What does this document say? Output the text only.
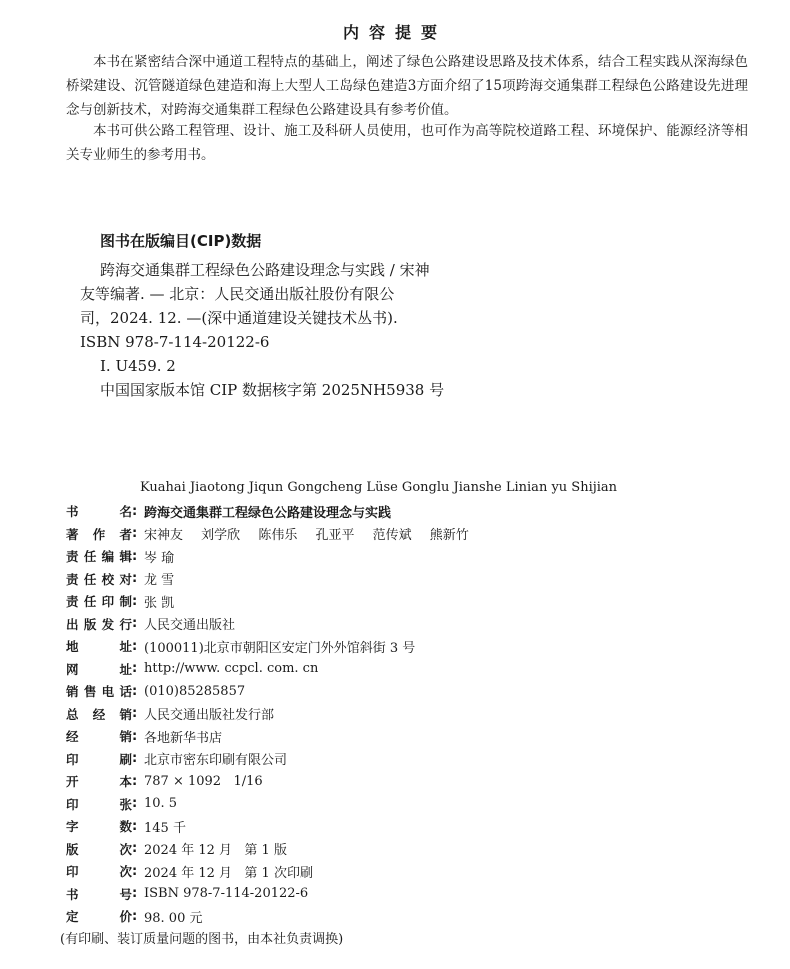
内容提要
本书在紧密结合深中通道工程特点的基础上，阐述了绿色公路建设思路及技术体系，结合工程实践从深海绿色桥梁建设、沉管隧道绿色建造和海上大型人工岛绿色建造3方面介绍了15项跨海交通集群工程绿色公路建设先进理念与创新技术，对跨海交通集群工程绿色公路建设具有参考价值。
本书可供公路工程管理、设计、施工及科研人员使用，也可作为高等院校道路工程、环境保护、能源经济等相关专业师生的参考用书。
图书在版编目(CIP)数据
跨海交通集群工程绿色公路建设理念与实践 / 宋神
友等编著. — 北京：人民交通出版社股份有限公
司，2024. 12. —(深中通道建设关键技术丛书).
ISBN 978-7-114-20122-6
Ⅰ. U459. 2
中国国家版本馆 CIP 数据核字第 2025NH5938 号
Kuahai Jiaotong Jiqun Gongcheng Lüse Gonglu Jianshe Linian yu Shijian
书名 : 跨海交通集群工程绿色公路建设理念与实践
著作者 : 宋神友 刘学欣 陈伟乐 孔亚平 范传斌 熊新竹
责任编辑 : 岑 瑜
责任校对 : 龙 雪
责任印制 : 张 凯
出版发行 : 人民交通出版社
地址 : (100011)北京市朝阳区安定门外外馆斜街 3 号
网址 : http://www. ccpcl. com. cn
销售电话 : (010)85285857
总经销 : 人民交通出版社发行部
经销 : 各地新华书店
印刷 : 北京市密东印刷有限公司
开本 : 787 × 1092   1/16
印张 : 10. 5
字数 : 145 千
版次 : 2024 年 12 月   第 1 版
印次 : 2024 年 12 月   第 1 次印刷
书号 : ISBN 978-7-114-20122-6
定价 : 98. 00 元
(有印刷、装订质量问题的图书，由本社负责调换)
